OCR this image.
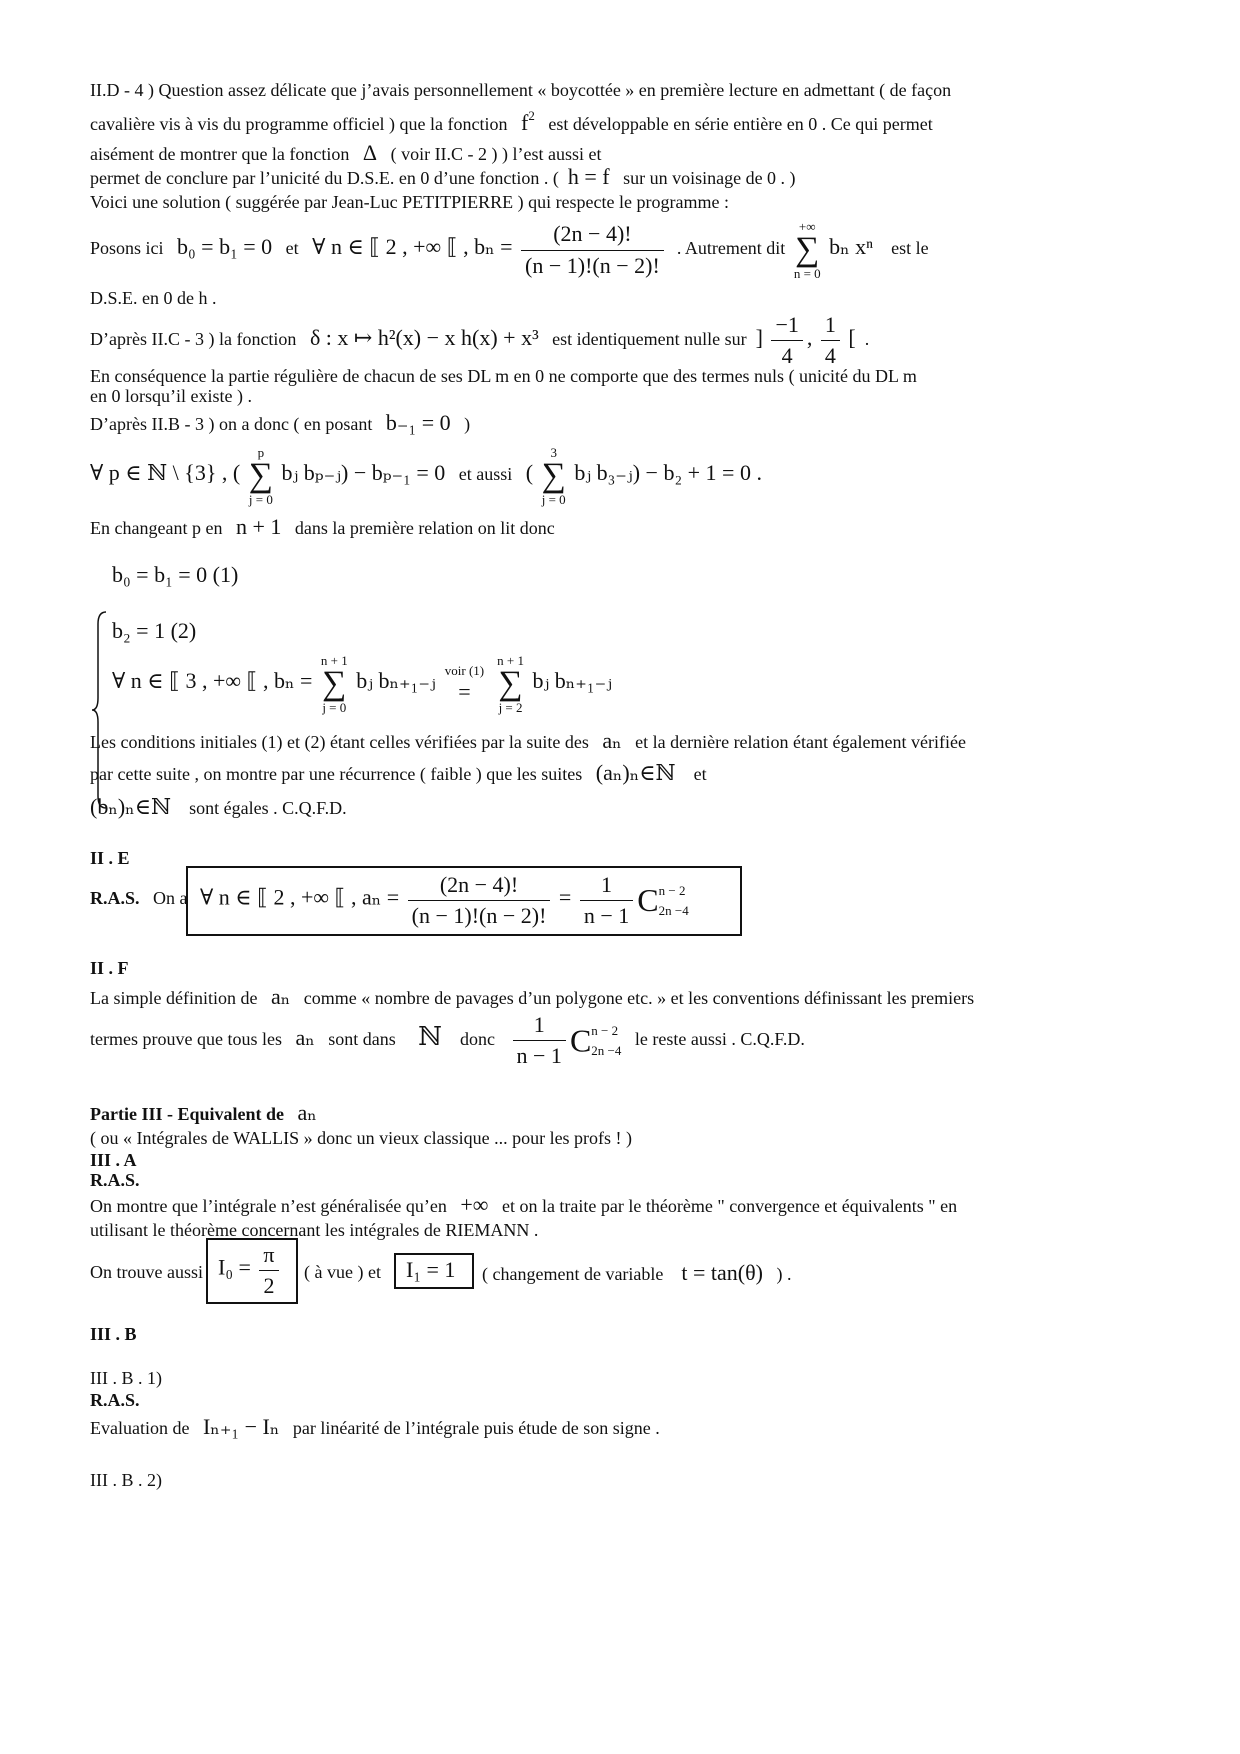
II.D - 4 ) Question assez délicate que j’avais personnellement « boycottée » en première lecture en admettant ( de façon
cavalière vis à vis du programme officiel ) que la fonction $f^2$ est développable en série entière en 0 . Ce qui permet
aisément de montrer que la fonction Δ ( voir II.C - 2 ) ) l’est aussi et
permet de conclure par l’unicité du D.S.E. en 0 d’une fonction . ( h = f sur un voisinage de 0 . )
Voici une solution ( suggérée par Jean-Luc PETITPIERRE ) qui respecte le programme :
Posons ici b₀ = b₁ = 0 et ∀ n ∈ ⟦ 2 , +∞ ⟦ , $b_n = \frac{(2n - 4)!}{(n - 1)!(n - 2)!}$ . Autrement dit
+∞
∑
n = 0
bₙ xⁿ est le
D.S.E. en 0 de h .
D’après II.C - 3 ) la fonction δ : x ↦ h²(x) − x h(x) + x³ est identiquement nulle sur ] $\frac{-1}{4}$ , $\frac{1}{4}$ [  .
En conséquence la partie régulière de chacun de ses DL m en 0 ne comporte que des termes nuls ( unicité du DL m
en 0 lorsqu’il existe ) .
D’après II.B - 3 ) on a donc ( en posant b₋₁ = 0 )
∀ p ∈ ℕ \ {3} , (
p
∑
j = 0
bⱼ bₚ₋ⱼ) − bₚ₋₁ = 0 et aussi (
3
∑
j = 0
bⱼ b₃₋ⱼ) − b₂ + 1 = 0 .
En changeant p en n + 1 dans la première relation on lit donc
b₀ = b₁ = 0 (1)
b₂ = 1 (2)
∀ n ∈ ⟦ 3 , +∞ ⟦ , bₙ =
n + 1
∑
j = 0
bⱼ bₙ₊₁₋ⱼ voir (1)
=

n + 1
∑
j = 2
bⱼ bₙ₊₁₋ⱼ
Les conditions initiales (1) et (2) étant celles vérifiées par la suite des aₙ et la dernière relation étant également vérifiée
par cette suite , on montre par une récurrence ( faible ) que les suites (aₙ)ₙ∈ℕ et
(bₙ)ₙ∈ℕ sont égales . C.Q.F.D.
II . E
R.A.S. On a ∀ n ∈ ⟦ 2 , +∞ ⟦ , $a_n = \frac{(2n - 4)!}{(n - 1)!(n - 2)!} = \frac{1}{n - 1}$ C n − 2
2n −4
II . F
La simple définition de aₙ comme « nombre de pavages d’un polygone etc. » et les conventions définissant les premiers
termes prouve que tous les aₙ sont dans ℕ donc $\frac{1}{n - 1}$ C n − 2
2n −4
le reste aussi . C.Q.F.D.
Partie III - Equivalent de aₙ
( ou « Intégrales de WALLIS » donc un vieux classique ... pour les profs ! )
III . A
R.A.S.
On montre que l’intégrale n’est généralisée qu’en +∞ et on la traite par le théorème " convergence et équivalents " en
utilisant le théorème concernant les intégrales de RIEMANN .
On trouve aussi $I_0 = \frac{\pi}{2}$ ( à vue ) et I₁ = 1 ( changement de variable t = tan(θ) ) .
III . B
III . B . 1)
R.A.S.
Evaluation de Iₙ₊₁ − Iₙ par linéarité de l’intégrale puis étude de son signe .
III . B . 2)
